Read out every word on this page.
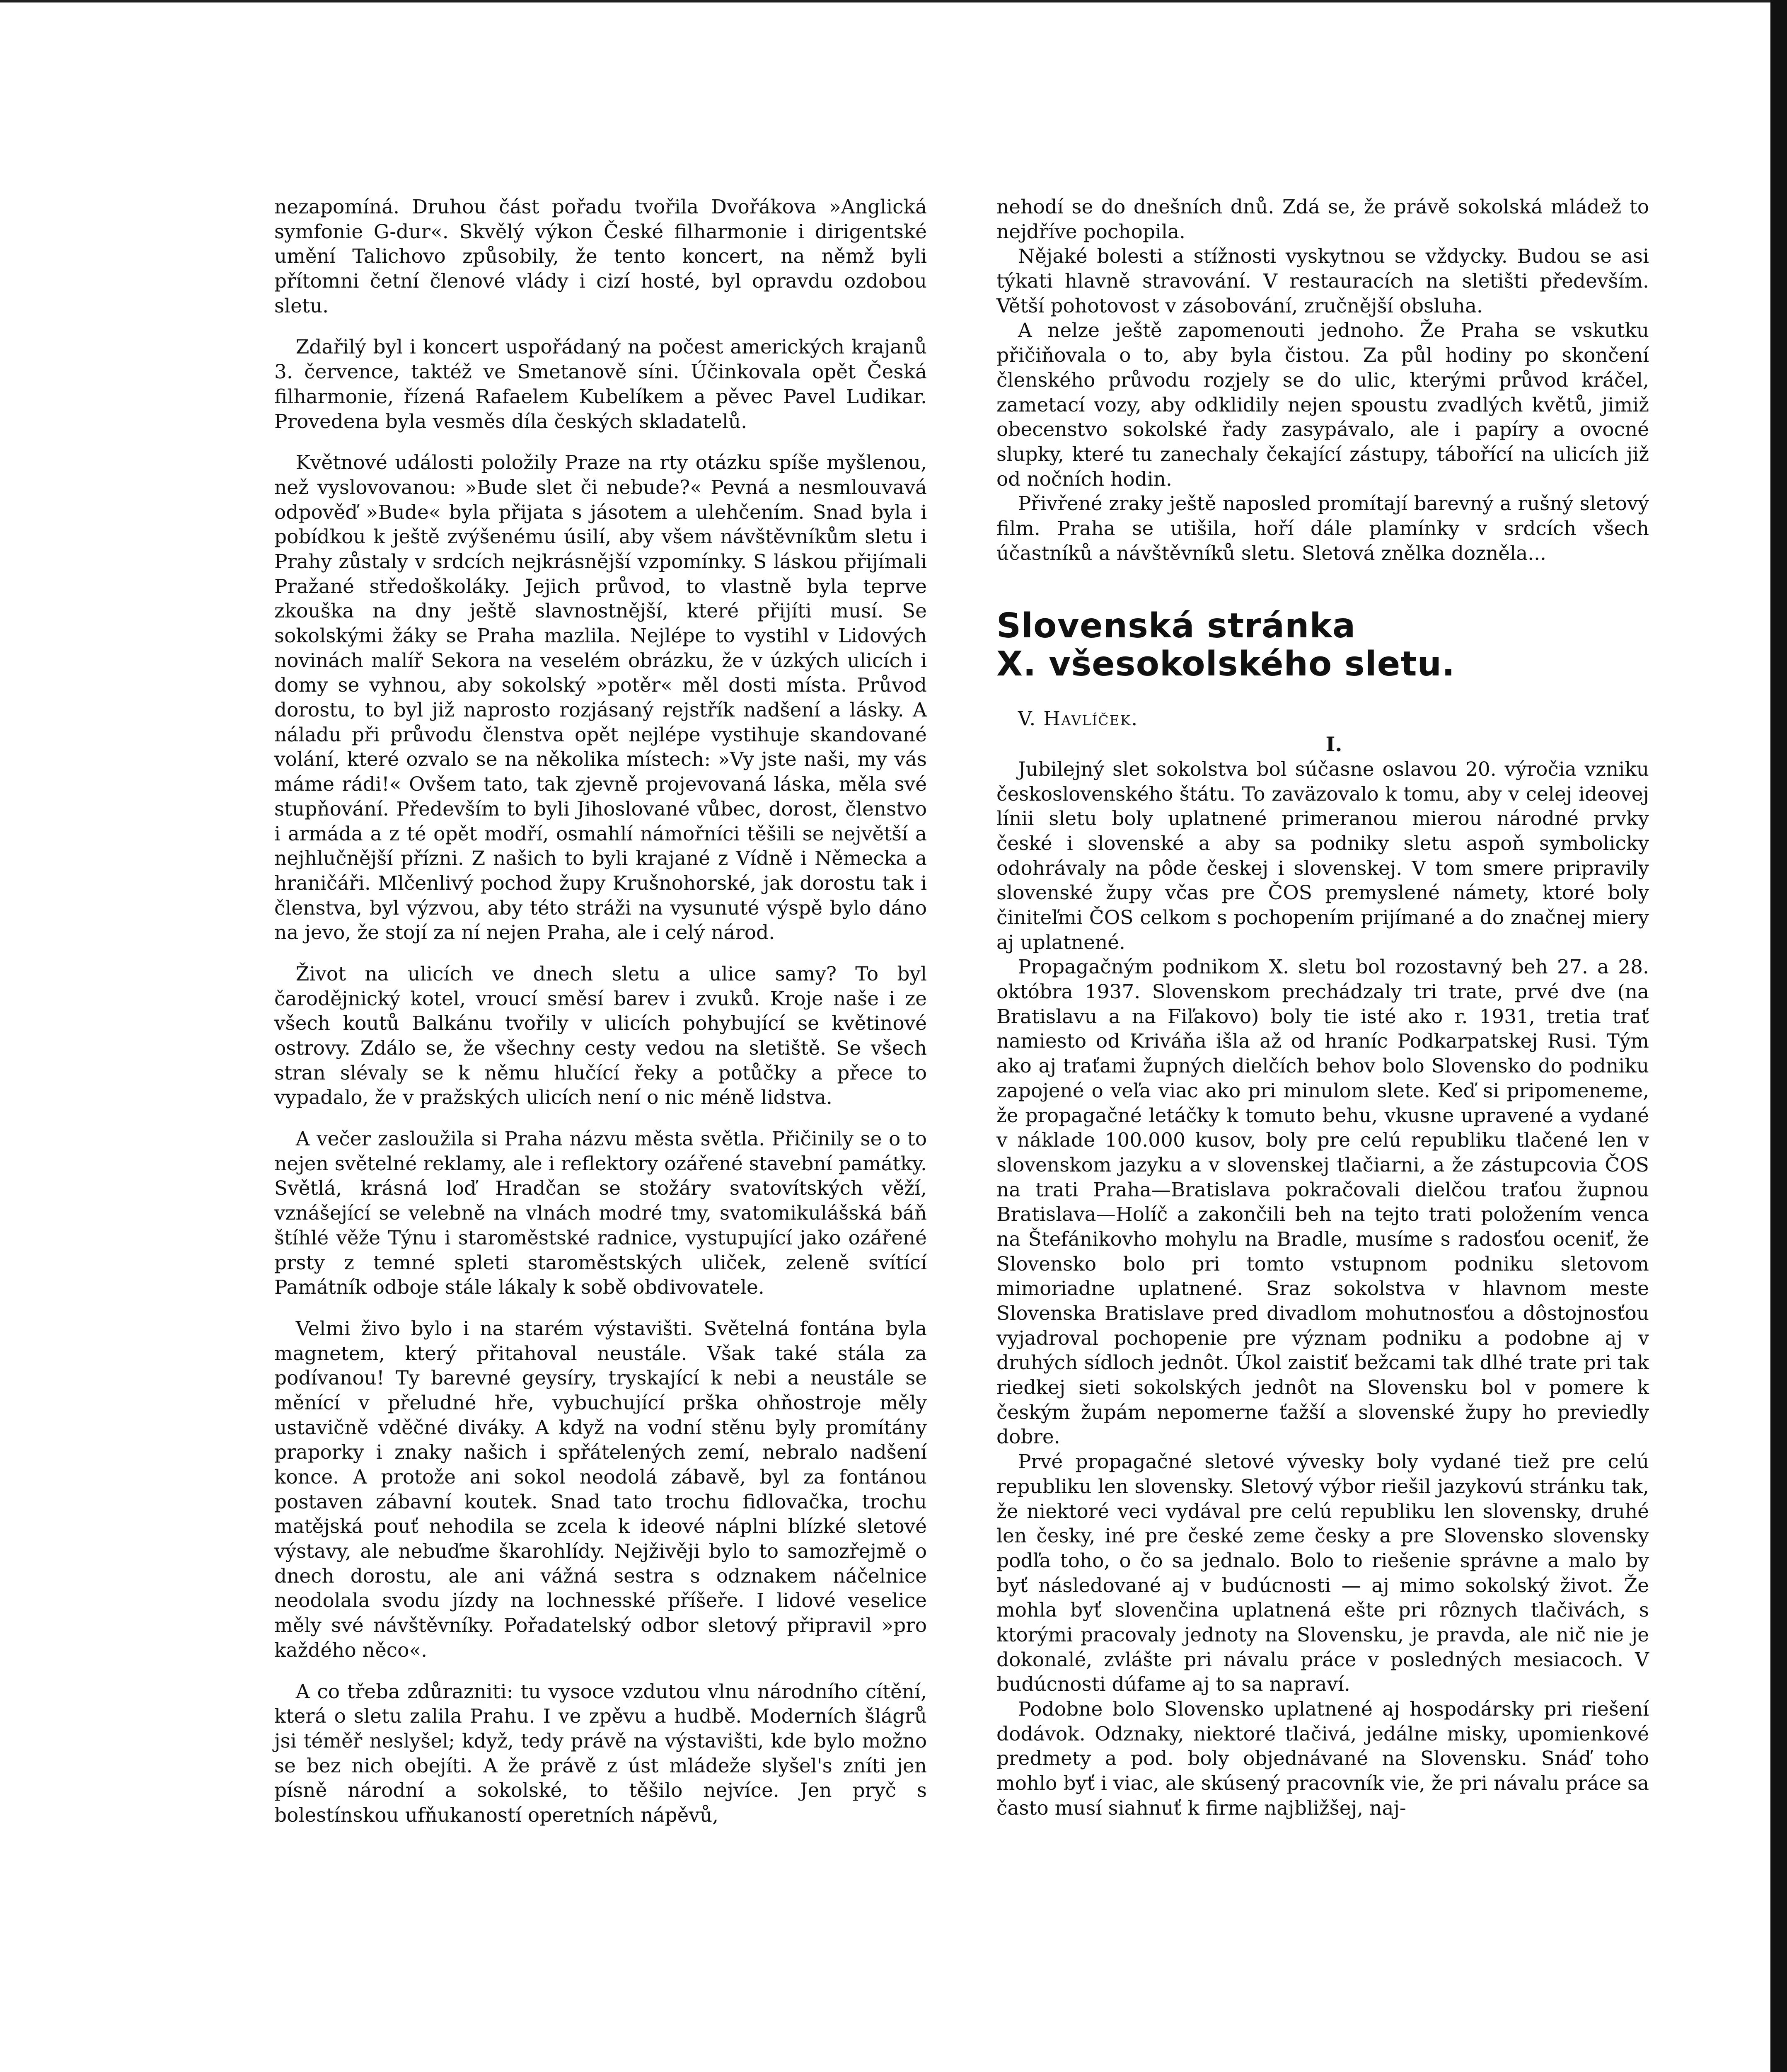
nezapomíná. Druhou část pořadu tvořila Dvořákova »Anglická symfonie G-dur«. Skvělý výkon České filharmonie i dirigentské umění Talichovo způsobily, že tento koncert, na němž byli přítomni četní členové vlády i cizí hosté, byl opravdu ozdobou sletu.

Zdařilý byl i koncert uspořádaný na počest amerických krajanů 3. července, taktéž ve Smetanově síni. Účinkovala opět Česká filharmonie, řízená Rafaelem Kubelíkem a pěvec Pavel Ludikar. Provedena byla vesměs díla českých skladatelů.

Květnové události položily Praze na rty otázku spíše myšlenou, než vyslovovanou: »Bude slet či nebude?« Pevná a nesmlouvavá odpověď »Bude« byla přijata s jásotem a ulehčením. Snad byla i pobídkou k ještě zvýšenému úsilí, aby všem návštěvníkům sletu i Prahy zůstaly v srdcích nejkrásnější vzpomínky. S láskou přijímali Pražané středoškoláky. Jejich průvod, to vlastně byla teprve zkouška na dny ještě slavnostnější, které přijíti musí. Se sokolskými žáky se Praha mazlila. Nejlépe to vystihl v Lidových novinách malíř Sekora na veselém obrázku, že v úzkých ulicích i domy se vyhnou, aby sokolský »potěr« měl dosti místa. Průvod dorostu, to byl již naprosto rozjásaný rejstřík nadšení a lásky. A náladu při průvodu členstva opět nejlépe vystihuje skandované volání, které ozvalo se na několika místech: »Vy jste naši, my vás máme rádi!« Ovšem tato, tak zjevně projevovaná láska, měla své stupňování. Především to byli Jihoslované vůbec, dorost, členstvo i armáda a z té opět modří, osmahlí námořníci těšili se největší a nejhlučnější přízni. Z našich to byli krajané z Vídně i Německa a hraničáři. Mlčenlivý pochod župy Krušnohorské, jak dorostu tak i členstva, byl výzvou, aby této stráži na vysunuté výspě bylo dáno na jevo, že stojí za ní nejen Praha, ale i celý národ.

Život na ulicích ve dnech sletu a ulice samy? To byl čarodějnický kotel, vroucí směsí barev i zvuků. Kroje naše i ze všech koutů Balkánu tvořily v ulicích pohybující se květinové ostrovy. Zdálo se, že všechny cesty vedou na sletiště. Se všech stran slévaly se k němu hlučící řeky a potůčky a přece to vypadalo, že v pražských ulicích není o nic méně lidstva.

A večer zasloužila si Praha názvu města světla. Přičinily se o to nejen světelné reklamy, ale i reflektory ozářené stavební památky. Světlá, krásná loď Hradčan se stožáry svatovítských věží, vznášející se velebně na vlnách modré tmy, svatomikulášská báň štíhlé věže Týnu i staroměstské radnice, vystupující jako ozářené prsty z temné spleti staroměstských uliček, zeleně svítící Památník odboje stále lákaly k sobě obdivovatele.

Velmi živo bylo i na starém výstavišti. Světelná fontána byla magnetem, který přitahoval neustále. Však také stála za podívanou! Ty barevné geysíry, tryskající k nebi a neustále se měnící v přeludné hře, vybuchující prška ohňostroje měly ustavičně vděčné diváky. A když na vodní stěnu byly promítány praporky i znaky našich i spřátelených zemí, nebralo nadšení konce. A protože ani sokol neodolá zábavě, byl za fontánou postaven zábavní koutek. Snad tato trochu fidlovačka, trochu matějská pouť nehodila se zcela k ideové náplni blízké sletové výstavy, ale nebuďme škarohlídy. Nejživěji bylo to samozřejmě o dnech dorostu, ale ani vážná sestra s odznakem náčelnice neodolala svodu jízdy na lochnesské příšeře. I lidové veselice měly své návštěvníky. Pořadatelský odbor sletový připravil »pro každého něco«.

A co třeba zdůrazniti: tu vysoce vzdutou vlnu národního cítění, která o sletu zalila Prahu. I ve zpěvu a hudbě. Moderních šlágrů jsi téměř neslyšel; když, tedy právě na výstavišti, kde bylo možno se bez nich obejíti. A že právě z úst mládeže slyšel's zníti jen písně národní a sokolské, to těšilo nejvíce. Jen pryč s bolestínskou ufňukaností operetních nápěvů,

nehodí se do dnešních dnů. Zdá se, že právě sokolská mládež to nejdříve pochopila.

Nějaké bolesti a stížnosti vyskytnou se vždycky. Budou se asi týkati hlavně stravování. V restauracích na sletišti především. Větší pohotovost v zásobování, zručnější obsluha.

A nelze ještě zapomenouti jednoho. Že Praha se vskutku přičiňovala o to, aby byla čistou. Za půl hodiny po skončení členského průvodu rozjely se do ulic, kterými průvod kráčel, zametací vozy, aby odklidily nejen spoustu zvadlých květů, jimiž obecenstvo sokolské řady zasypávalo, ale i papíry a ovocné slupky, které tu zanechaly čekající zástupy, tábořící na ulicích již od nočních hodin.

Přivřené zraky ještě naposled promítají barevný a rušný sletový film. Praha se utišila, hoří dále plamínky v srdcích všech účastníků a návštěvníků sletu. Sletová znělka dozněla...

Slovenská stránka
X. všesokolského sletu.

V. Havlíček.

I.

Jubilejný slet sokolstva bol súčasne oslavou 20. výročia vzniku československého štátu. To zaväzovalo k tomu, aby v celej ideovej línii sletu boly uplatnené primeranou mierou národné prvky české i slovenské a aby sa podniky sletu aspoň symbolicky odohrávaly na pôde českej i slovenskej. V tom smere pripravily slovenské župy včas pre ČOS premyslené námety, ktoré boly činiteľmi ČOS celkom s pochopením prijímané a do značnej miery aj uplatnené.

Propagačným podnikom X. sletu bol rozostavný beh 27. a 28. októbra 1937. Slovenskom prechádzaly tri trate, prvé dve (na Bratislavu a na Fiľakovo) boly tie isté ako r. 1931, tretia trať namiesto od Kriváňa išla až od hraníc Podkarpatskej Rusi. Tým ako aj traťami župných dielčích behov bolo Slovensko do podniku zapojené o veľa viac ako pri minulom slete. Keď si pripomeneme, že propagačné letáčky k tomuto behu, vkusne upravené a vydané v náklade 100.000 kusov, boly pre celú republiku tlačené len v slovenskom jazyku a v slovenskej tlačiarni, a že zástupcovia ČOS na trati Praha—Bratislava pokračovali dielčou traťou župnou Bratislava—Holíč a zakončili beh na tejto trati položením venca na Štefánikovho mohylu na Bradle, musíme s radosťou oceniť, že Slovensko bolo pri tomto vstupnom podniku sletovom mimoriadne uplatnené. Sraz sokolstva v hlavnom meste Slovenska Bratislave pred divadlom mohutnosťou a dôstojnosťou vyjadroval pochopenie pre význam podniku a podobne aj v druhých sídloch jednôt. Úkol zaistiť bežcami tak dlhé trate pri tak riedkej sieti sokolských jednôt na Slovensku bol v pomere k českým župám nepomerne ťažší a slovenské župy ho previedly dobre.

Prvé propagačné sletové vývesky boly vydané tiež pre celú republiku len slovensky. Sletový výbor riešil jazykovú stránku tak, že niektoré veci vydával pre celú republiku len slovensky, druhé len česky, iné pre české zeme česky a pre Slovensko slovensky podľa toho, o čo sa jednalo. Bolo to riešenie správne a malo by byť následované aj v budúcnosti — aj mimo sokolský život. Že mohla byť slovenčina uplatnená ešte pri rôznych tlačivách, s ktorými pracovaly jednoty na Slovensku, je pravda, ale nič nie je dokonalé, zvlášte pri návalu práce v posledných mesiacoch. V budúcnosti dúfame aj to sa napraví.

Podobne bolo Slovensko uplatnené aj hospodársky pri riešení dodávok. Odznaky, niektoré tlačivá, jedálne misky, upomienkové predmety a pod. boly objednávané na Slovensku. Snáď toho mohlo byť i viac, ale skúsený pracovník vie, že pri návalu práce sa často musí siahnuť k firme najbližšej, naj-
